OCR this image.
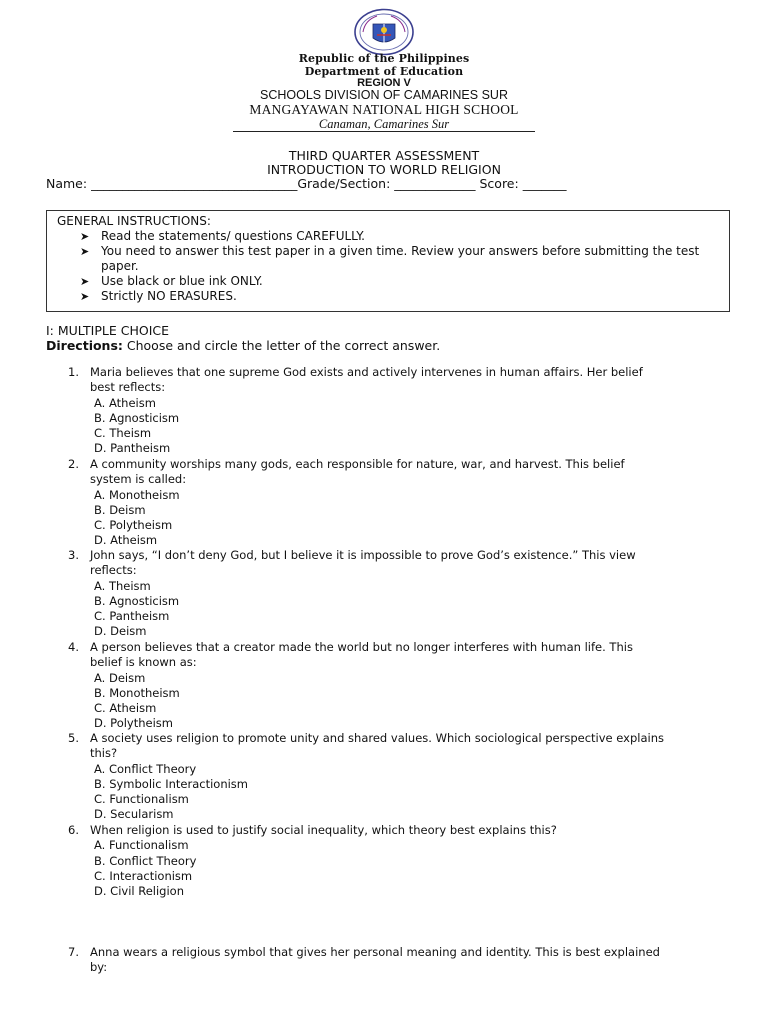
Republic of the Philippines
Department of Education
REGION V
SCHOOLS DIVISION OF CAMARINES SUR
MANGAYAWAN NATIONAL HIGH SCHOOL
Canaman, Camarines Sur
THIRD QUARTER ASSESSMENT
INTRODUCTION TO WORLD RELIGION
Name: _________________________________Grade/Section: _____________ Score: _______
GENERAL INSTRUCTIONS:
➤ Read the statements/ questions CAREFULLY.
➤ You need to answer this test paper in a given time. Review your answers before submitting the test paper.
➤ Use black or blue ink ONLY.
➤ Strictly NO ERASURES.
I: MULTIPLE CHOICE
Directions: Choose and circle the letter of the correct answer.
1. Maria believes that one supreme God exists and actively intervenes in human affairs. Her belief
best reflects:
A. Atheism
B. Agnosticism
C. Theism
D. Pantheism
2. A community worships many gods, each responsible for nature, war, and harvest. This belief
system is called:
A. Monotheism
B. Deism
C. Polytheism
D. Atheism
3. John says, “I don’t deny God, but I believe it is impossible to prove God’s existence.” This view
reflects:
A. Theism
B. Agnosticism
C. Pantheism
D. Deism
4. A person believes that a creator made the world but no longer interferes with human life. This
belief is known as:
A. Deism
B. Monotheism
C. Atheism
D. Polytheism
5. A society uses religion to promote unity and shared values. Which sociological perspective explains
this?
A. Conflict Theory
B. Symbolic Interactionism
C. Functionalism
D. Secularism
6. When religion is used to justify social inequality, which theory best explains this?
A. Functionalism
B. Conflict Theory
C. Interactionism
D. Civil Religion
7. Anna wears a religious symbol that gives her personal meaning and identity. This is best explained
by:
